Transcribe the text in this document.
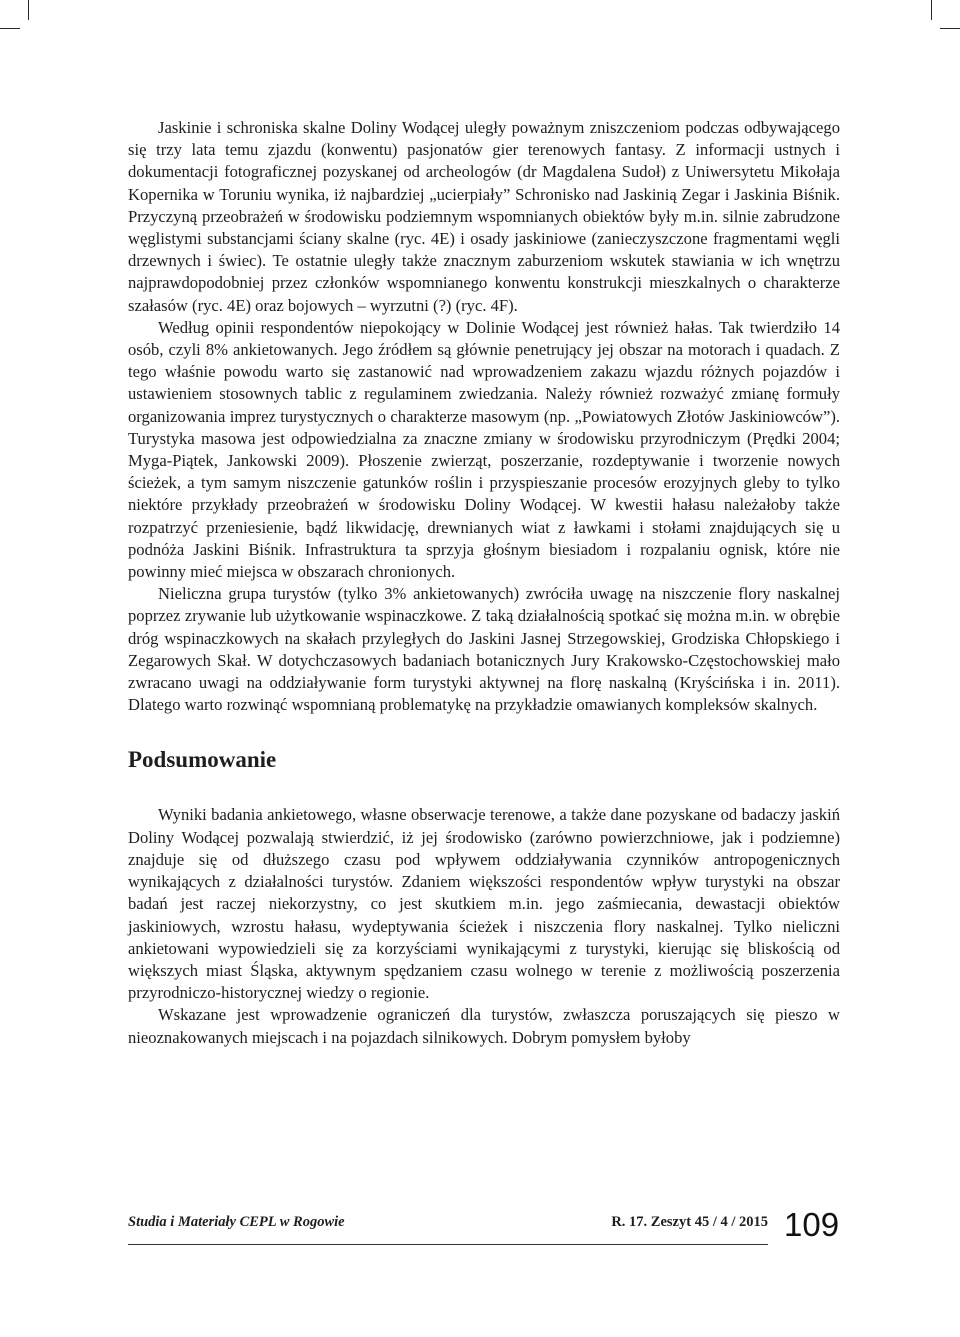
Jaskinie i schroniska skalne Doliny Wodącej uległy poważnym zniszczeniom podczas odbywającego się trzy lata temu zjazdu (konwentu) pasjonatów gier terenowych fantasy. Z informacji ustnych i dokumentacji fotograficznej pozyskanej od archeologów (dr Magdalena Sudoł) z Uniwersytetu Mikołaja Kopernika w Toruniu wynika, iż najbardziej „ucierpiały” Schronisko nad Jaskinią Zegar i Jaskinia Biśnik. Przyczyną przeobrażeń w środowisku podziemnym wspomnianych obiektów były m.in. silnie zabrudzone węglistymi substancjami ściany skalne (ryc. 4E) i osady jaskiniowe (zanieczyszczone fragmentami węgli drzewnych i świec). Te ostatnie uległy także znacznym zaburzeniom wskutek stawiania w ich wnętrzu najprawdopodobniej przez członków wspomnianego konwentu konstrukcji mieszkalnych o charakterze szałasów (ryc. 4E) oraz bojowych – wyrzutni (?) (ryc. 4F).

Według opinii respondentów niepokojący w Dolinie Wodącej jest również hałas. Tak twierdziło 14 osób, czyli 8% ankietowanych. Jego źródłem są głównie penetrujący jej obszar na motorach i quadach. Z tego właśnie powodu warto się zastanowić nad wprowadzeniem zakazu wjazdu różnych pojazdów i ustawieniem stosownych tablic z regulaminem zwiedzania. Należy również rozważyć zmianę formuły organizowania imprez turystycznych o charakterze masowym (np. „Powiatowych Złotów Jaskiniowców”). Turystyka masowa jest odpowiedzialna za znaczne zmiany w środowisku przyrodniczym (Prędki 2004; Myga-Piątek, Jankowski 2009). Płoszenie zwierząt, poszerzanie, rozdeptywanie i tworzenie nowych ścieżek, a tym samym niszczenie gatunków roślin i przyspieszanie procesów erozyjnych gleby to tylko niektóre przykłady przeobrażeń w środowisku Doliny Wodącej. W kwestii hałasu należałoby także rozpatrzyć przeniesienie, bądź likwidację, drewnianych wiat z ławkami i stołami znajdujących się u podnóża Jaskini Biśnik. Infrastruktura ta sprzyja głośnym biesiadom i rozpalaniu ognisk, które nie powinny mieć miejsca w obszarach chronionych.

Nieliczna grupa turystów (tylko 3% ankietowanych) zwróciła uwagę na niszczenie flory naskalnej poprzez zrywanie lub użytkowanie wspinaczkowe. Z taką działalnością spotkać się można m.in. w obrębie dróg wspinaczkowych na skałach przyległych do Jaskini Jasnej Strzegowskiej, Grodziska Chłopskiego i Zegarowych Skał. W dotychczasowych badaniach botanicznych Jury Krakowsko-Częstochowskiej mało zwracano uwagi na oddziaływanie form turystyki aktywnej na florę naskalną (Kryścińska i in. 2011). Dlatego warto rozwinąć wspomnianą problematykę na przykładzie omawianych kompleksów skalnych.

Podsumowanie

Wyniki badania ankietowego, własne obserwacje terenowe, a także dane pozyskane od badaczy jaskiń Doliny Wodącej pozwalają stwierdzić, iż jej środowisko (zarówno powierzchniowe, jak i podziemne) znajduje się od dłuższego czasu pod wpływem oddziaływania czynników antropogenicznych wynikających z działalności turystów. Zdaniem większości respondentów wpływ turystyki na obszar badań jest raczej niekorzystny, co jest skutkiem m.in. jego zaśmiecania, dewastacji obiektów jaskiniowych, wzrostu hałasu, wydeptywania ścieżek i niszczenia flory naskalnej. Tylko nieliczni ankietowani wypowiedzieli się za korzyściami wynikającymi z turystyki, kierując się bliskością od większych miast Śląska, aktywnym spędzaniem czasu wolnego w terenie z możliwością poszerzenia przyrodniczo-historycznej wiedzy o regionie.

Wskazane jest wprowadzenie ograniczeń dla turystów, zwłaszcza poruszających się pieszo w nieoznakowanych miejscach i na pojazdach silnikowych. Dobrym pomysłem byłoby

Studia i Materiały CEPL w Rogowie	R. 17. Zeszyt 45 / 4 / 2015 109
